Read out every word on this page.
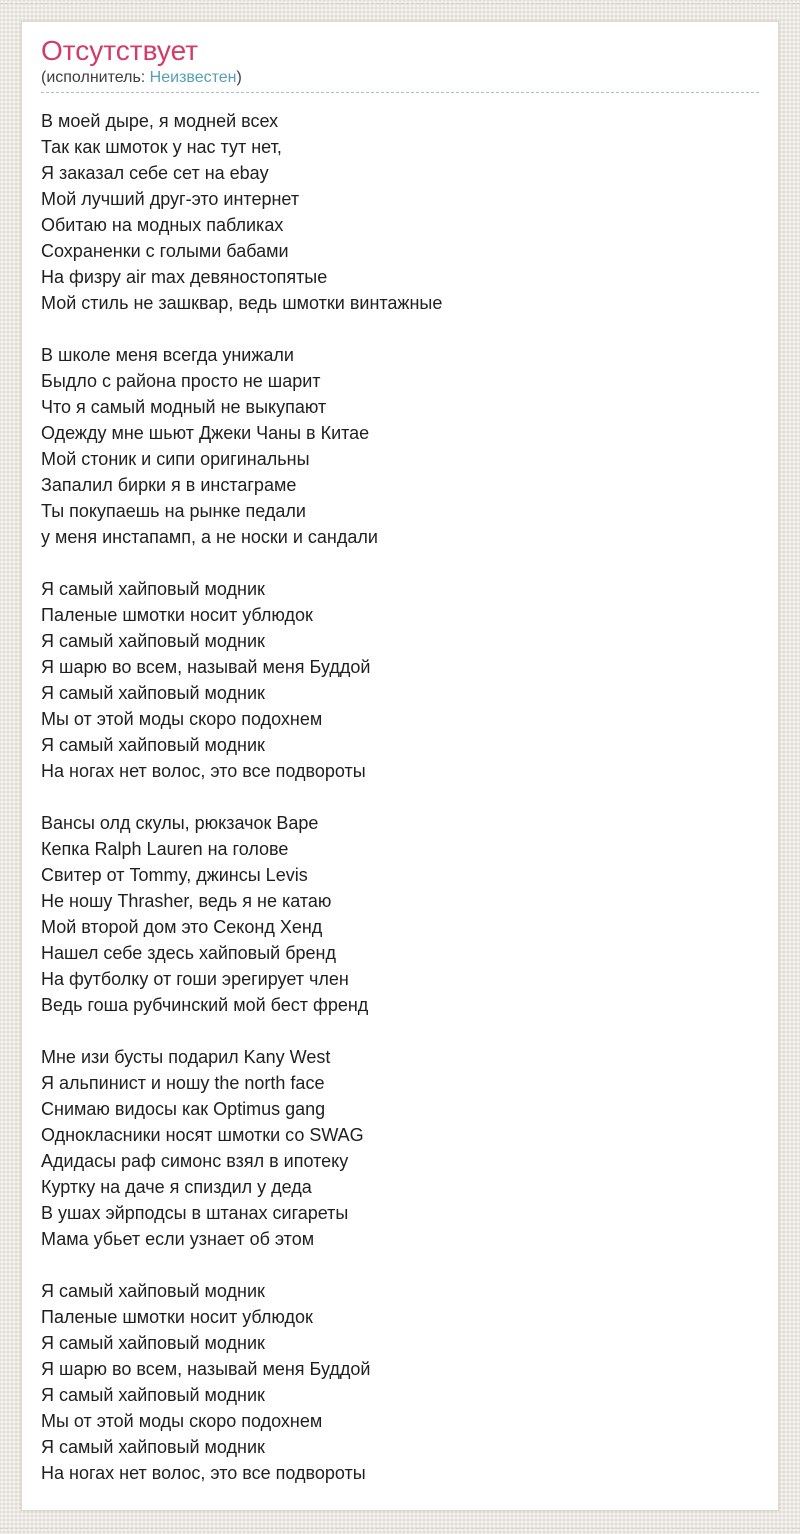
Отсутствует
(исполнитель: Неизвестен)

В моей дыре, я модней всех
Так как шмоток у нас тут нет,
Я заказал себе сет на ebay
Мой лучший друг-это интернет
Обитаю на модных пабликах
Сохраненки с голыми бабами
На физру air max девяностопятые
Мой стиль не зашквар, ведь шмотки винтажные

В школе меня всегда унижали
Быдло с района просто не шарит
Что я самый модный не выкупают
Одежду мне шьют Джеки Чаны в Китае
Мой стоник и сипи оригинальны
Запалил бирки я в инстаграме
Ты покупаешь на рынке педали
у меня инстапамп, а не носки и сандали

Я самый хайповый модник
Паленые шмотки носит ублюдок
Я самый хайповый модник
Я шарю во всем, называй меня Буддой
Я самый хайповый модник
Мы от этой моды скоро подохнем
Я самый хайповый модник
На ногах нет волос, это все подвороты

Вансы олд скулы, рюкзачок Bape
Кепка Ralph Lauren на голове
Свитер от Tommy, джинсы Levis
Не ношу Thrasher, ведь я не катаю
Мой второй дом это Секонд Хенд
Нашел себе здесь хайповый бренд
На футболку от гоши эрегирует член
Ведь гоша рубчинский мой бест френд

Мне изи бусты подарил Kany West
Я альпинист и ношу the north face
Снимаю видосы как Optimus gang
Однокласники носят шмотки со SWAG
Адидасы раф симонс взял в ипотеку
Куртку на даче я спиздил у деда
В ушах эйрподсы в штанах сигареты
Мама убьет если узнает об этом

Я самый хайповый модник
Паленые шмотки носит ублюдок
Я самый хайповый модник
Я шарю во всем, называй меня Буддой
Я самый хайповый модник
Мы от этой моды скоро подохнем
Я самый хайповый модник
На ногах нет волос, это все подвороты
